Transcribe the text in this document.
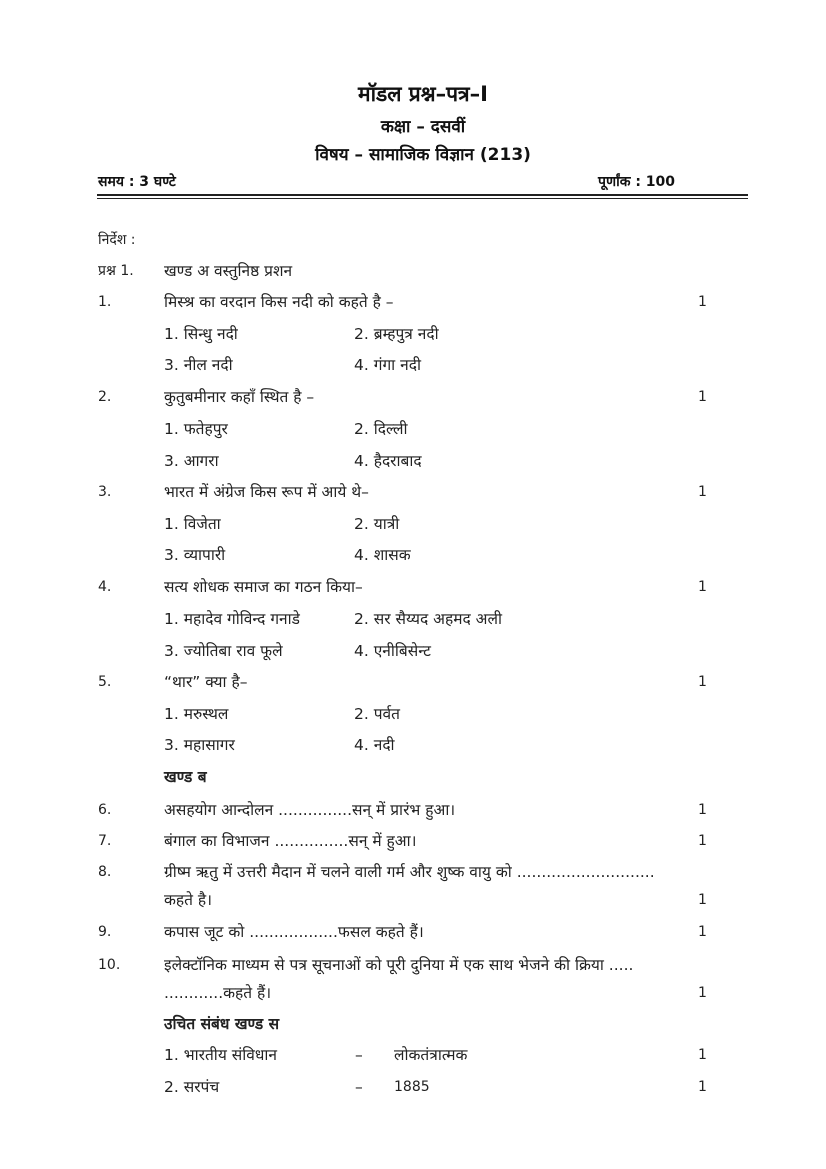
मॉडल प्रश्न–पत्र–I
कक्षा – दसवीं
विषय – सामाजिक विज्ञान (213)
समय : 3 घण्टे	पूर्णांक : 100
निर्देश :
प्रश्न 1. खण्ड अ वस्तुनिष्ठ प्रशन
1.	मिस्श्र का वरदान किस नदी को कहते है –	1
1. सिन्धु नदी	2. ब्रम्हपुत्र नदी
3. नील नदी	4. गंगा नदी
2.	कुतुबमीनार कहाँ स्थित है –	1
1. फतेहपुर	2. दिल्ली
3. आगरा	4. हैदराबाद
3.	भारत में अंग्रेज किस रूप में आये थे–	1
1. विजेता	2. यात्री
3. व्यापारी	4. शासक
4.	सत्य शोधक समाज का गठन किया–	1
1. महादेव गोविन्द गनाडे	2. सर सैय्यद अहमद अली
3. ज्योतिबा राव फूले	4. एनीबिसेन्ट
5.	“थार” क्या है–	1
1. मरुस्थल	2. पर्वत
3. महासागर	4. नदी
खण्ड ब
6.	असहयोग आन्दोलन ...............सन् में प्रारंभ हुआ।	1
7.	बंगाल का विभाजन ...............सन् में हुआ।	1
8.	ग्रीष्म ऋतु में उत्तरी मैदान में चलने वाली गर्म और शुष्क वायु को ............................
कहते है।	1
9.	कपास जूट को ..................फसल कहते हैं।	1
10.	इलेक्टॉनिक माध्यम से पत्र सूचनाओं को पूरी दुनिया में एक साथ भेजने की क्रिया .....
............कहते हैं।	1
उचित संबंध खण्ड स
1. भारतीय संविधान	– लोकतंत्रात्मक	1
2. सरपंच	– 1885	1
